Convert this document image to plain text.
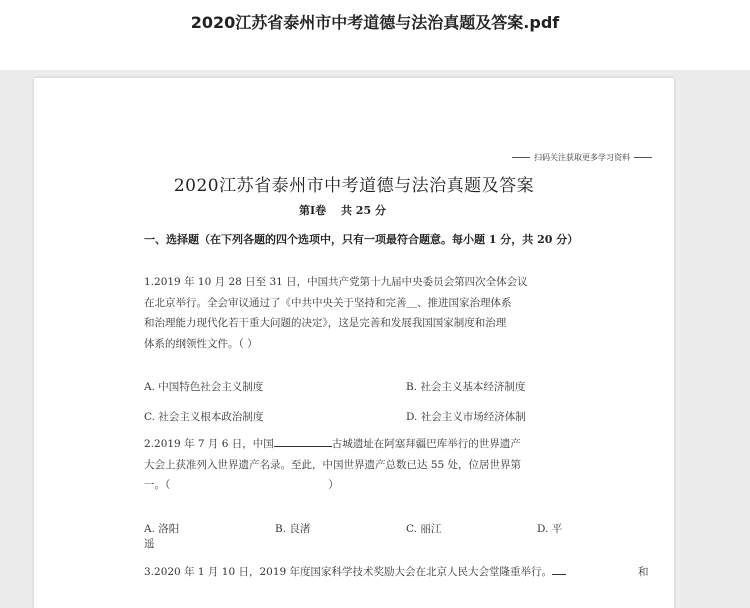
2020江苏省泰州市中考道德与法治真题及答案.pdf
扫码关注获取更多学习资料
2020江苏省泰州市中考道德与法治真题及答案
第Ⅰ卷　 共 25 分
一、选择题（在下列各题的四个选项中，只有一项最符合题意。每小题 1 分，共 20 分）
1.2019 年 10 月 28 日至 31 日，中国共产党第十九届中央委员会第四次全体会议
在北京举行。全会审议通过了《中共中央关于坚持和完善＿、推进国家治理体系
和治理能力现代化若干重大问题的决定》，这是完善和发展我国国家制度和治理
体系的纲领性文件。（ ）
A. 中国特色社会主义制度	B. 社会主义基本经济制度
C. 社会主义根本政治制度	D. 社会主义市场经济体制
2.2019 年 7 月 6 日，中国	古城遗址在阿塞拜疆巴库举行的世界遗产
大会上获准列入世界遗产名录。至此，中国世界遗产总数已达 55 处，位居世界第
一。（	）
A. 洛阳	B. 良渚	C. 丽江	D. 平
遥
3.2020 年 1 月 10 日，2019 年度国家科学技术奖励大会在北京人民大会堂隆重举行。	和
